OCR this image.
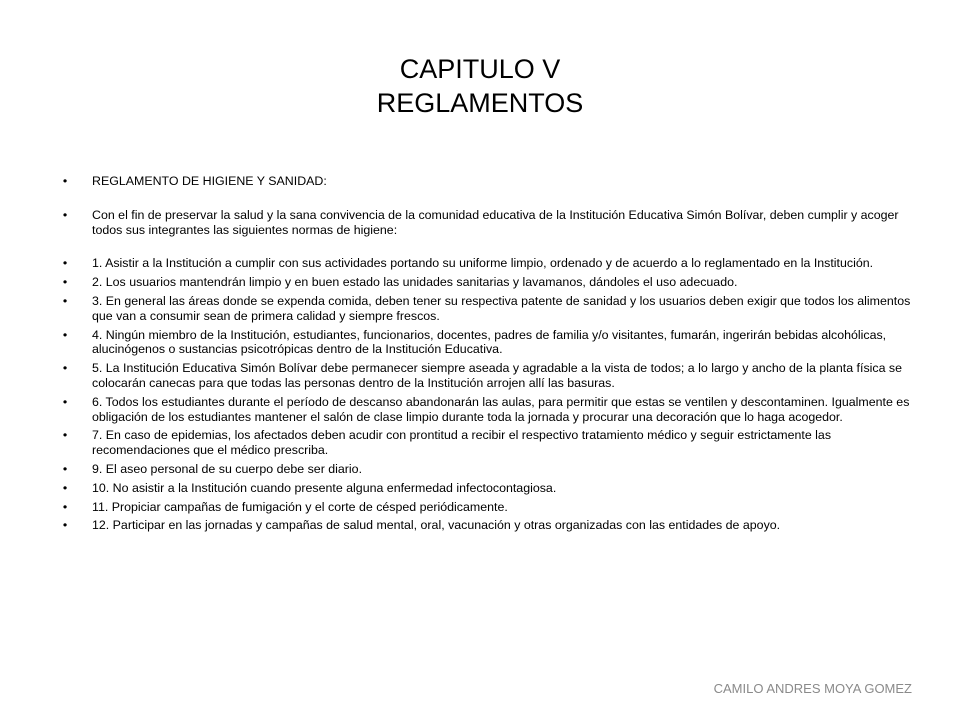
CAPITULO V
REGLAMENTOS
• REGLAMENTO DE HIGIENE Y SANIDAD:
• Con el fin de preservar la salud y la sana convivencia de la comunidad educativa de la Institución Educativa Simón Bolívar, deben cumplir y acoger todos sus integrantes las siguientes normas de higiene:
• 1. Asistir a la Institución a cumplir con sus actividades portando su uniforme limpio, ordenado y de acuerdo a lo reglamentado en la Institución.
• 2. Los usuarios mantendrán limpio y en buen estado las unidades sanitarias y lavamanos, dándoles el uso adecuado.
• 3. En general las áreas donde se expenda comida, deben tener su respectiva patente de sanidad y los usuarios deben exigir que todos los alimentos que van a consumir sean de primera calidad y siempre frescos.
• 4. Ningún miembro de la Institución, estudiantes, funcionarios, docentes, padres de familia y/o visitantes, fumarán, ingerirán bebidas alcohólicas, alucinógenos o sustancias psicotrópicas dentro de la Institución Educativa.
• 5. La Institución Educativa Simón Bolívar debe permanecer siempre aseada y agradable a la vista de todos; a lo largo y ancho de la planta física se colocarán canecas para que todas las personas dentro de la Institución arrojen allí las basuras.
• 6. Todos los estudiantes durante el período de descanso abandonarán las aulas, para permitir que estas se ventilen y descontaminen. Igualmente es obligación de los estudiantes mantener el salón de clase limpio durante toda la jornada y procurar una decoración que lo haga acogedor.
• 7. En caso de epidemias, los afectados deben acudir con prontitud a recibir el respectivo tratamiento médico y seguir estrictamente las recomendaciones que el médico prescriba.
• 9. El aseo personal de su cuerpo debe ser diario.
• 10. No asistir a la Institución cuando presente alguna enfermedad infectocontagiosa.
• 11. Propiciar campañas de fumigación y el corte de césped periódicamente.
• 12. Participar en las jornadas y campañas de salud mental, oral, vacunación y otras organizadas con las entidades de apoyo.
CAMILO ANDRES MOYA GOMEZ
